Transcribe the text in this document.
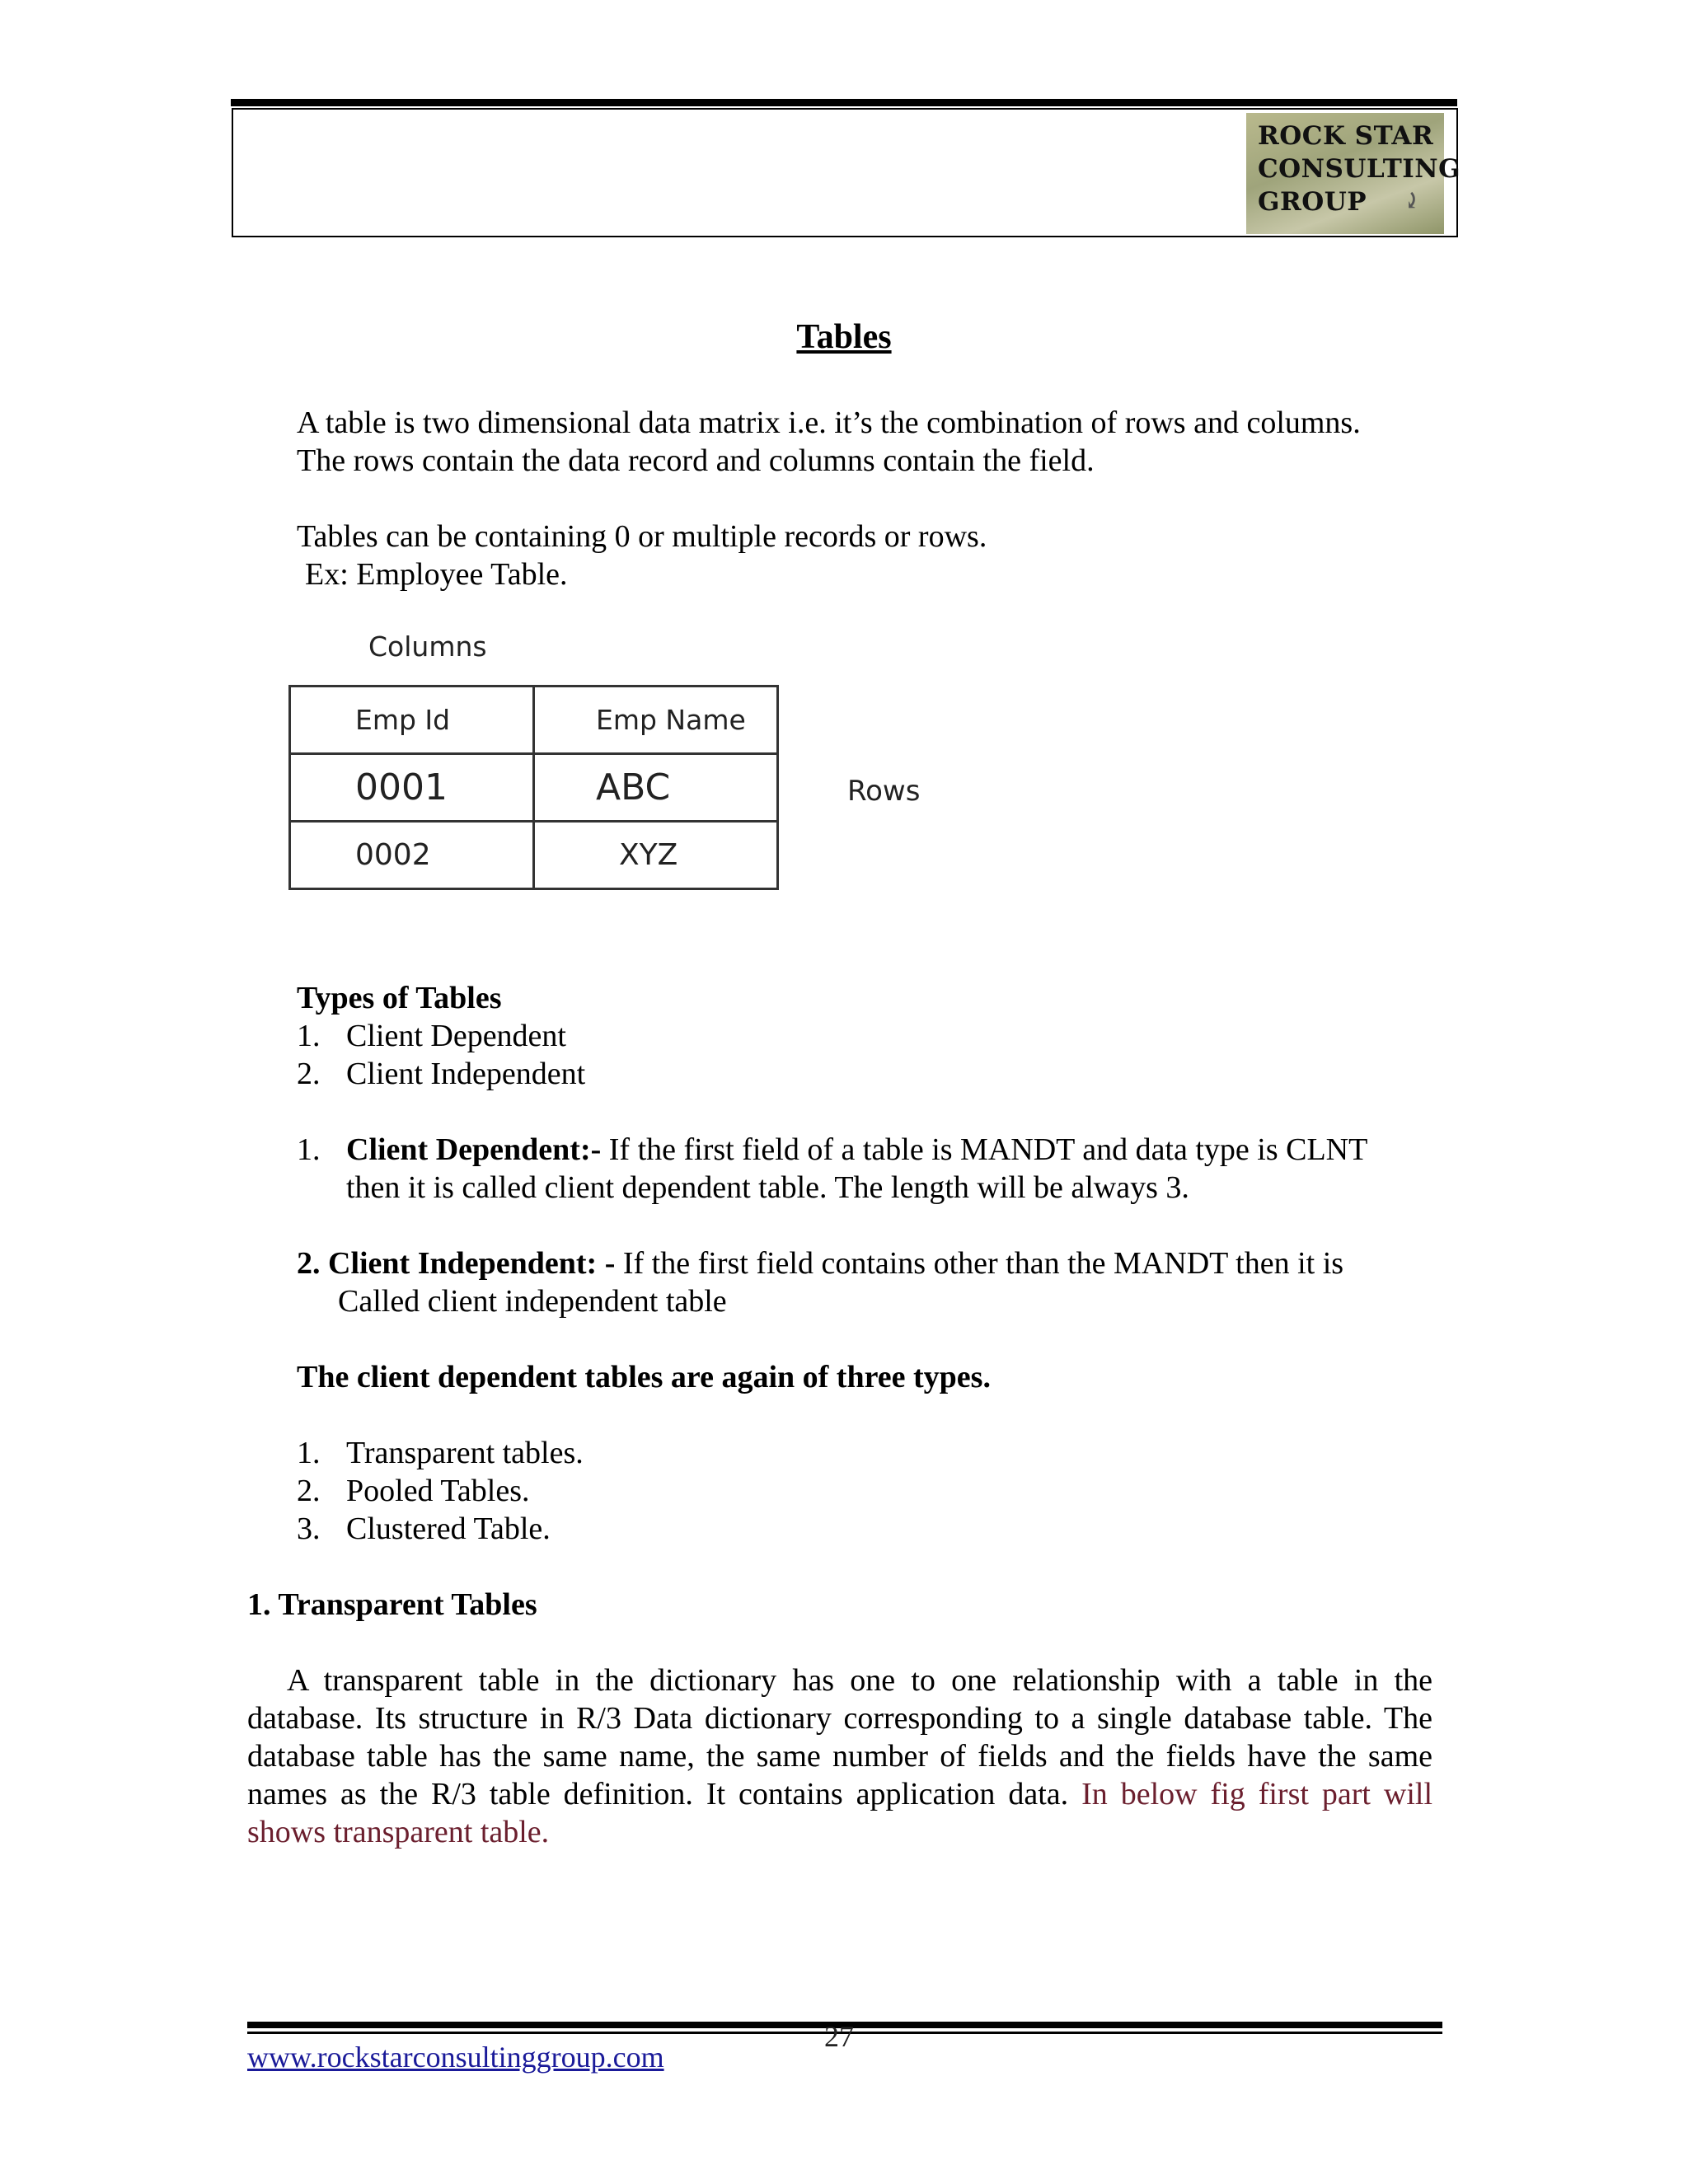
ROCK STAR
CONSULTING
GROUP	⤸
Tables
A table is two dimensional data matrix i.e. it’s the combination of rows and columns.
The rows contain the data record and columns contain the field.
Tables can be containing 0 or multiple records or rows.
Ex: Employee Table.
Columns
Emp Id	Emp Name
0001	ABC
0002	XYZ
Rows
Types of Tables
1. Client Dependent
2. Client Independent
1. Client Dependent:- If the first field of a table is MANDT and data type is CLNT
then it is called client dependent table. The length will be always 3.
2. Client Independent: - If the first field contains other than the MANDT then it is
Called client independent table
The client dependent tables are again of three types.
1. Transparent tables.
2. Pooled Tables.
3. Clustered Table.
1. Transparent Tables
A transparent table in the dictionary has one to one relationship with a table in the database. Its structure in R/3 Data dictionary corresponding to a single database table. The database table has the same name, the same number of fields and the fields have the same names as the R/3 table definition. It contains application data. In below fig first part will shows transparent table.
27
www.rockstarconsultinggroup.com
